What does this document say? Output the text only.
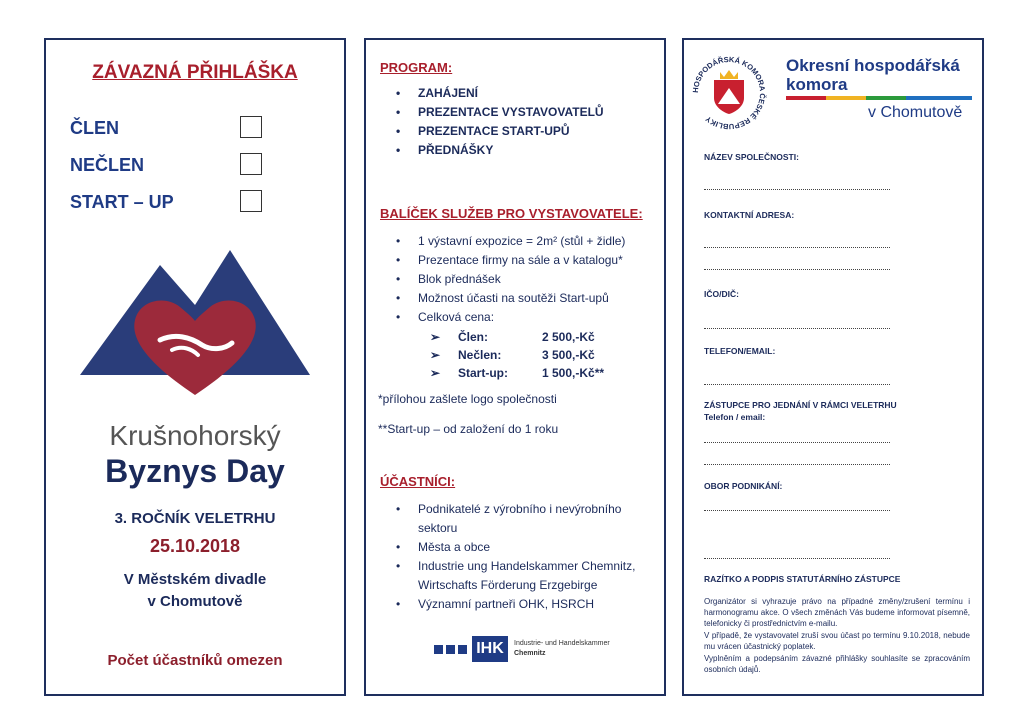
ZÁVAZNÁ PŘIHLÁŠKA
ČLEN
NEČLEN
START – UP
Krušnohorský
Byznys Day
3. ROČNÍK VELETRHU
25.10.2018
V Městském divadle
v Chomutově
Počet účastníků omezen
PROGRAM:
• ZAHÁJENÍ
• PREZENTACE VYSTAVOVATELŮ
• PREZENTACE START-UPŮ
• PŘEDNÁŠKY
BALÍČEK SLUŽEB PRO VYSTAVOVATELE:
• 1 výstavní expozice = 2m² (stůl + židle)
• Prezentace firmy na sále a v katalogu*
• Blok přednášek
• Možnost účasti na soutěži Start-upů
• Celková cena:
➢ Člen:	2 500,-Kč
➢ Nečlen:	3 500,-Kč
➢ Start-up:	1 500,-Kč**
*přílohou zašlete logo společnosti
**Start-up – od založení do 1 roku
ÚČASTNÍCI:
• Podnikatelé z výrobního i nevýrobního sektoru
• Města a obce
• Industrie ung Handelskammer Chemnitz, Wirtschafts Förderung Erzgebirge
• Významní partneři OHK, HSRCH
IHK	Industrie- und Handelskammer
Chemnitz
HOSPODÁŘSKÁ KOMORA ČESKÉ REPUBLIKY
Okresní hospodářská
komora
v Chomutově
NÁZEV SPOLEČNOSTI:
KONTAKTNÍ ADRESA:
IČO/DIČ:
TELEFON/EMAIL:
ZÁSTUPCE PRO JEDNÁNÍ V RÁMCI VELETRHU
Telefon / email:
OBOR PODNIKÁNÍ:
RAZÍTKO A PODPIS STATUTÁRNÍHO ZÁSTUPCE
Organizátor si vyhrazuje právo na případné změny/zrušení termínu i harmonogramu akce. O všech změnách Vás budeme informovat písemně, telefonicky či prostřednictvím e-mailu.
V případě, že vystavovatel zruší svou účast po termínu 9.10.2018, nebude mu vrácen účastnický poplatek.
Vyplněním a podepsáním závazné přihlášky souhlasíte se zpracováním osobních údajů.
